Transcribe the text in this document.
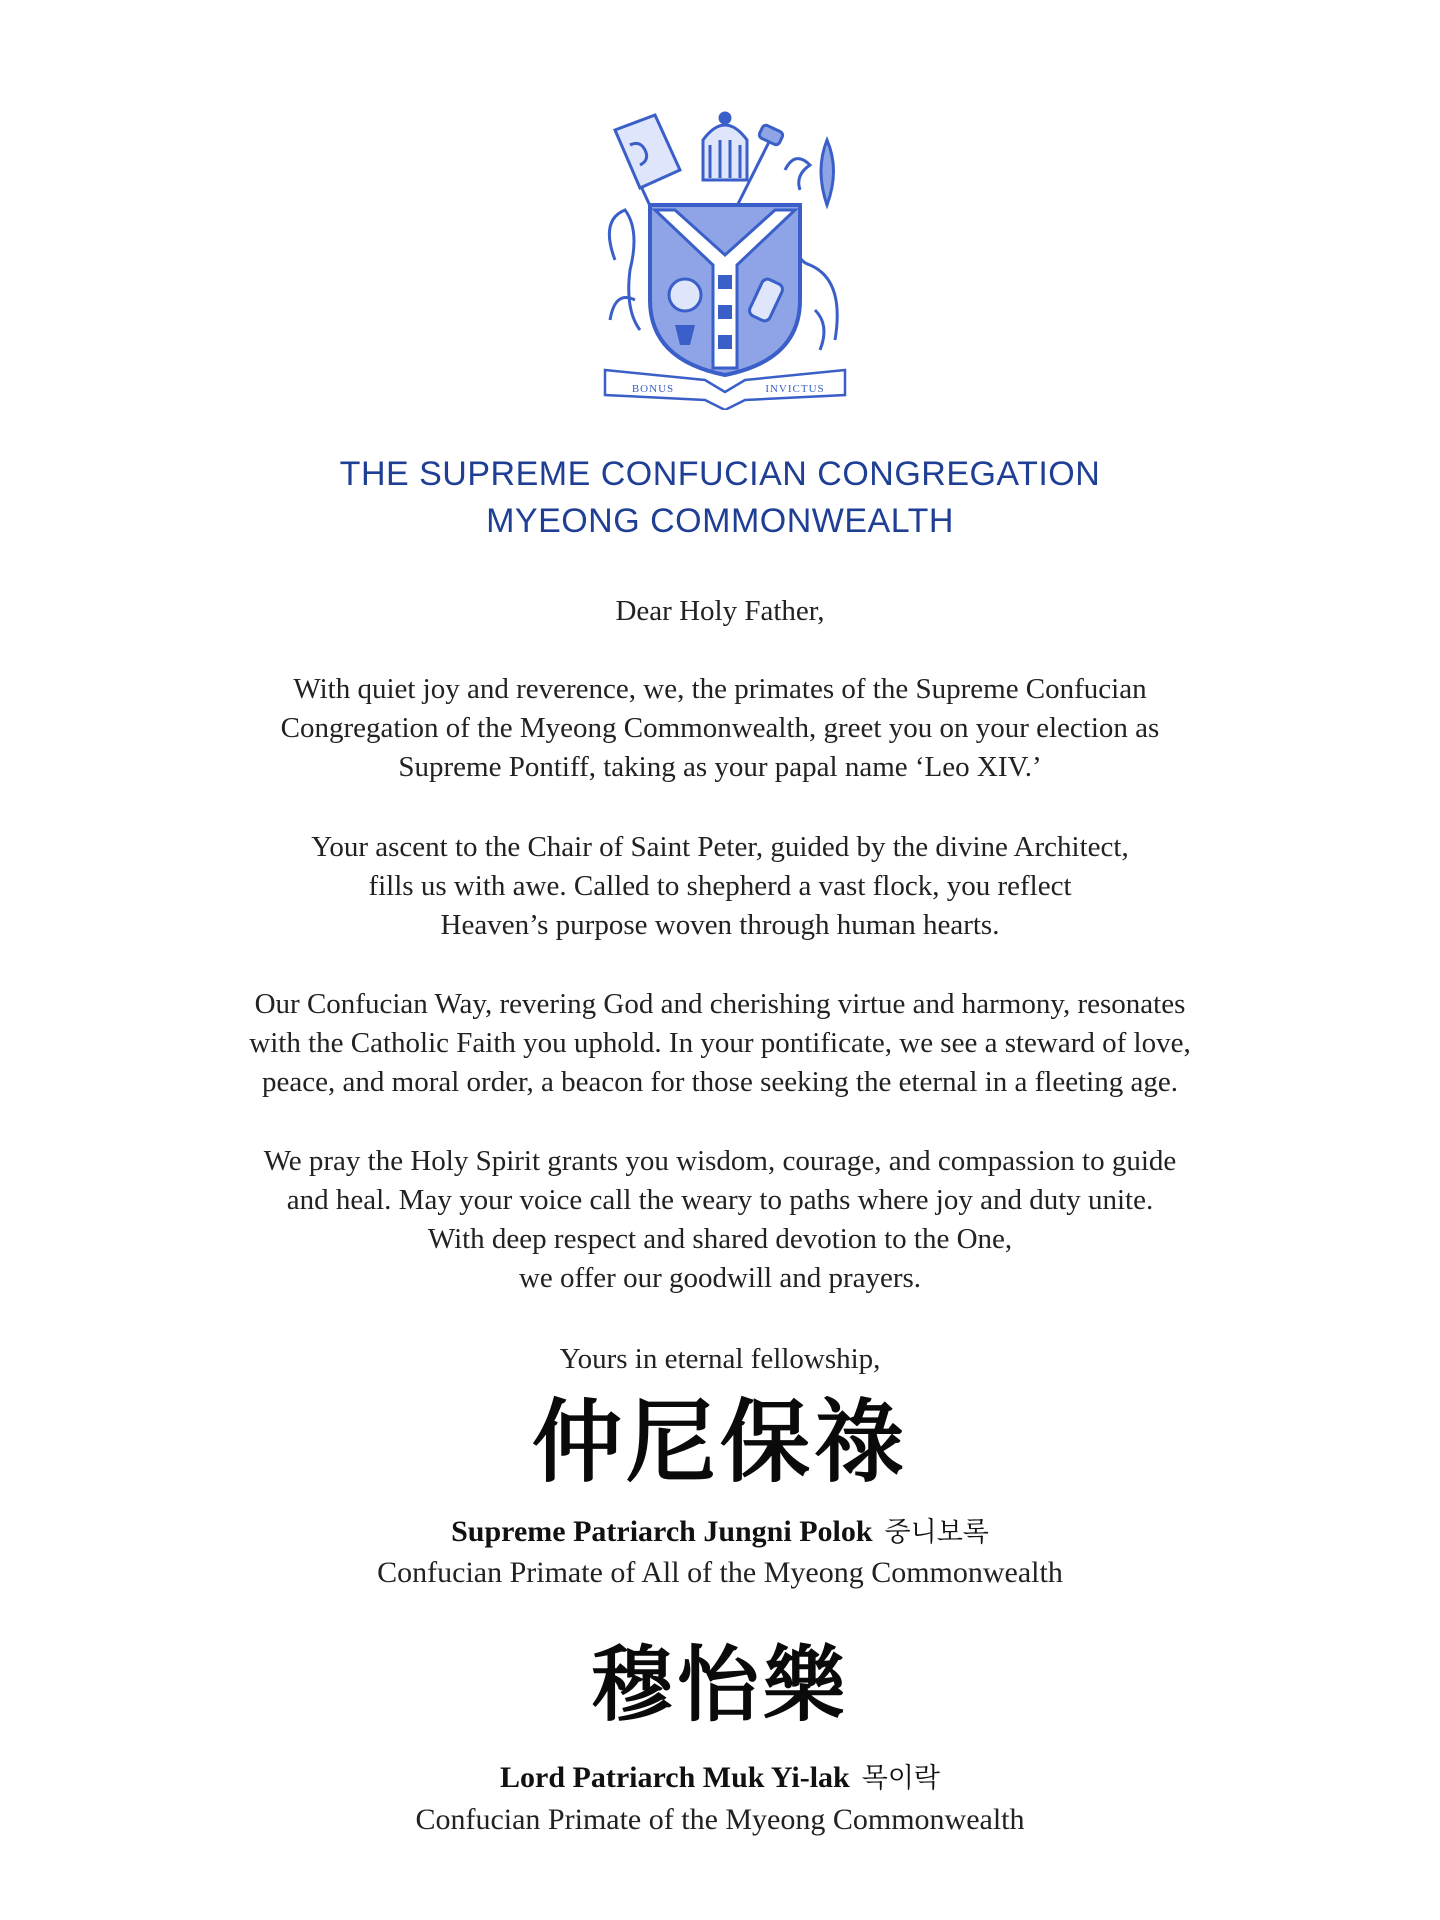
BONUS	INVICTUS
THE SUPREME CONFUCIAN CONGREGATION
MYEONG COMMONWEALTH
Dear Holy Father,
With quiet joy and reverence, we, the primates of the Supreme Confucian
Congregation of the Myeong Commonwealth, greet you on your election as
Supreme Pontiff, taking as your papal name ‘Leo XIV.’
Your ascent to the Chair of Saint Peter, guided by the divine Architect,
fills us with awe. Called to shepherd a vast flock, you reflect
Heaven’s purpose woven through human hearts.
Our Confucian Way, revering God and cherishing virtue and harmony, resonates
with the Catholic Faith you uphold. In your pontificate, we see a steward of love,
peace, and moral order, a beacon for those seeking the eternal in a fleeting age.
We pray the Holy Spirit grants you wisdom, courage, and compassion to guide
and heal. May your voice call the weary to paths where joy and duty unite.
With deep respect and shared devotion to the One,
we offer our goodwill and prayers.
Yours in eternal fellowship,
仲尼保祿
Supreme Patriarch Jungni Polok 중니보록
Confucian Primate of All of the Myeong Commonwealth
穆怡樂
Lord Patriarch Muk Yi-lak 목이락
Confucian Primate of the Myeong Commonwealth
